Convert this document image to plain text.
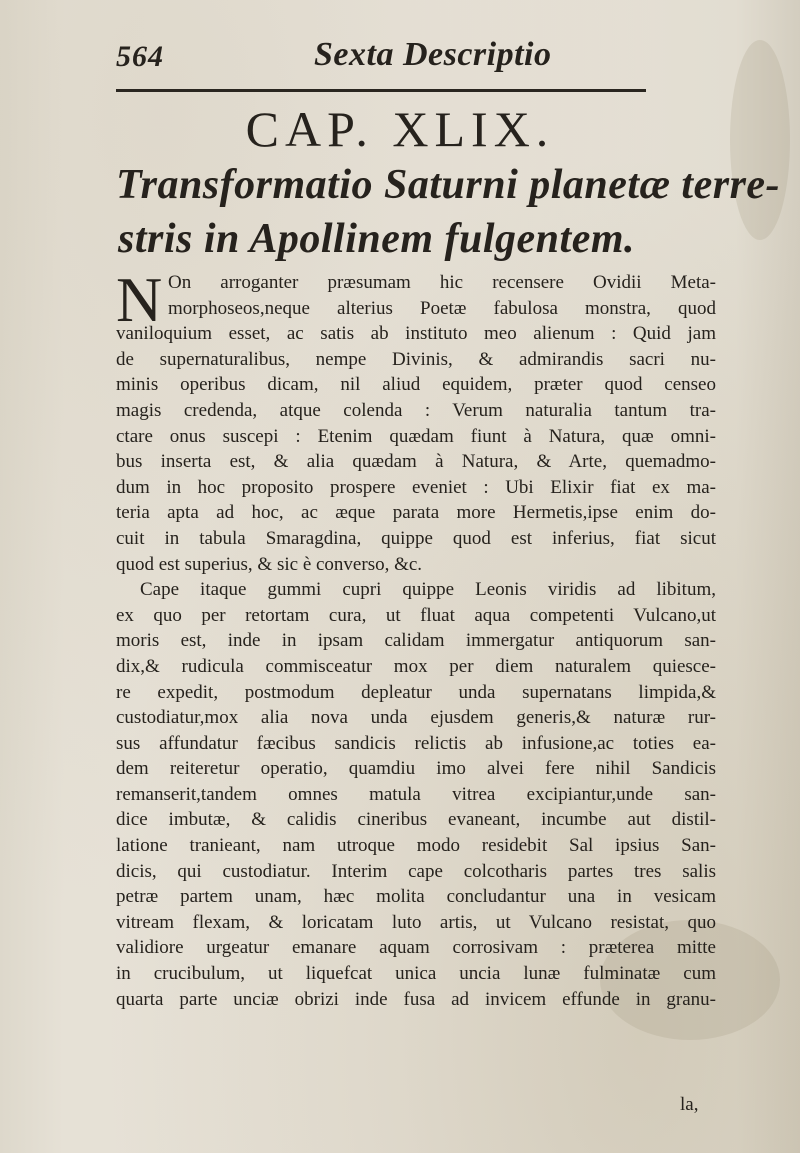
564	Sexta Descriptio
CAP. XLIX.
Transformatio Saturni planetæ terre-
stris in Apollinem fulgentem.
N On arroganter præsumam hic recensere Ovidii Meta-
morphoseos,neque alterius Poetæ fabulosa monstra, quod
vaniloquium esset, ac satis ab instituto meo alienum : Quid jam
de supernaturalibus, nempe Divinis, & admirandis sacri nu-
minis operibus dicam, nil aliud equidem, præter quod censeo
magis credenda, atque colenda : Verum naturalia tantum tra-
ctare onus suscepi : Etenim quædam fiunt à Natura, quæ omni-
bus inserta est, & alia quædam à Natura, & Arte, quemadmo-
dum in hoc proposito prospere eveniet : Ubi Elixir fiat ex ma-
teria apta ad hoc, ac æque parata more Hermetis,ipse enim do-
cuit in tabula Smaragdina, quippe quod est inferius, fiat sicut
quod est superius, & sic è converso, &c.
Cape itaque gummi cupri quippe Leonis viridis ad libitum,
ex quo per retortam cura, ut fluat aqua competenti Vulcano,ut
moris est, inde in ipsam calidam immergatur antiquorum san-
dix,& rudicula commisceatur mox per diem naturalem quiesce-
re expedit, postmodum depleatur unda supernatans limpida,&
custodiatur,mox alia nova unda ejusdem generis,& naturæ rur-
sus affundatur fæcibus sandicis relictis ab infusione,ac toties ea-
dem reiteretur operatio, quamdiu imo alvei fere nihil Sandicis
remanserit,tandem omnes matula vitrea excipiantur,unde san-
dice imbutæ, & calidis cineribus evaneant, incumbe aut distil-
latione tranieant, nam utroque modo residebit Sal ipsius San-
dicis, qui custodiatur. Interim cape colcotharis partes tres salis
petræ partem unam, hæc molita concludantur una in vesicam
vitream flexam, & loricatam luto artis, ut Vulcano resistat, quo
validiore urgeatur emanare aquam corrosivam : præterea mitte
in crucibulum, ut liquefcat unica uncia lunæ fulminatæ cum
quarta parte unciæ obrizi inde fusa ad invicem effunde in granu-
la,
